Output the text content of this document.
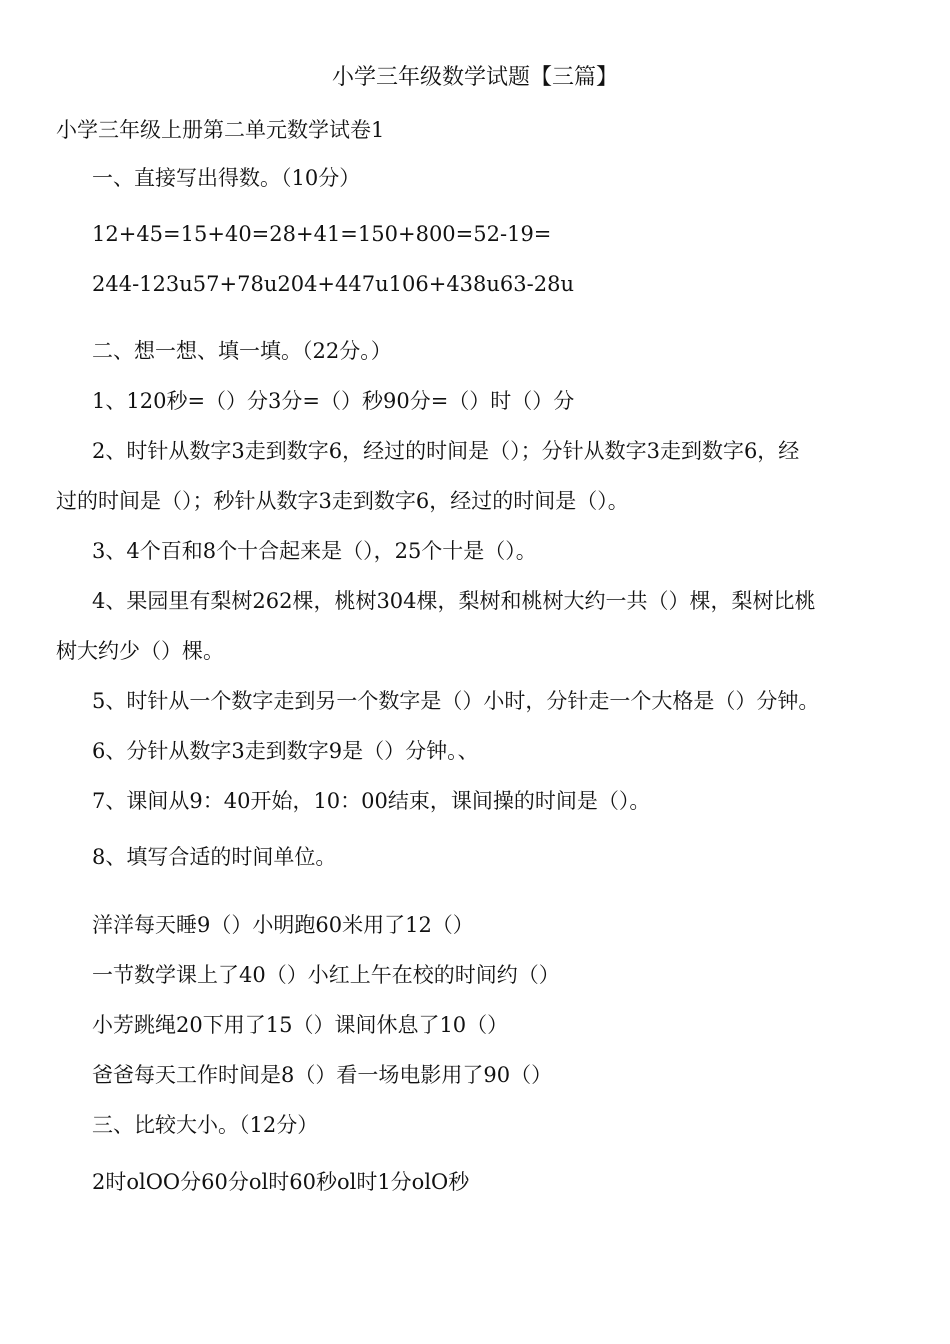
小学三年级数学试题【三篇】
小学三年级上册第二单元数学试卷1
一、直接写出得数。（10分）
12+45=15+40=28+41=150+800=52-19=
244-123u57+78u204+447u106+438u63-28u
二、想一想、填一填。（22分。）
1、120秒=（）分3分=（）秒90分=（）时（）分
2、时针从数字3走到数字6，经过的时间是（）；分针从数字3走到数字6，经
过的时间是（）；秒针从数字3走到数字6，经过的时间是（）。
3、4个百和8个十合起来是（），25个十是（）。
4、果园里有梨树262棵，桃树304棵，梨树和桃树大约一共（）棵，梨树比桃
树大约少（）棵。
5、时针从一个数字走到另一个数字是（）小时，分针走一个大格是（）分钟。
6、分针从数字3走到数字9是（）分钟。、
7、课间从9：40开始，10：00结束，课间操的时间是（）。
8、填写合适的时间单位。
洋洋每天睡9（）小明跑60米用了12（）
一节数学课上了40（）小红上午在校的时间约（）
小芳跳绳20下用了15（）课间休息了10（）
爸爸每天工作时间是8（）看一场电影用了90（）
三、比较大小。（12分）
2时olOO分60分ol时60秒ol时1分olO秒
